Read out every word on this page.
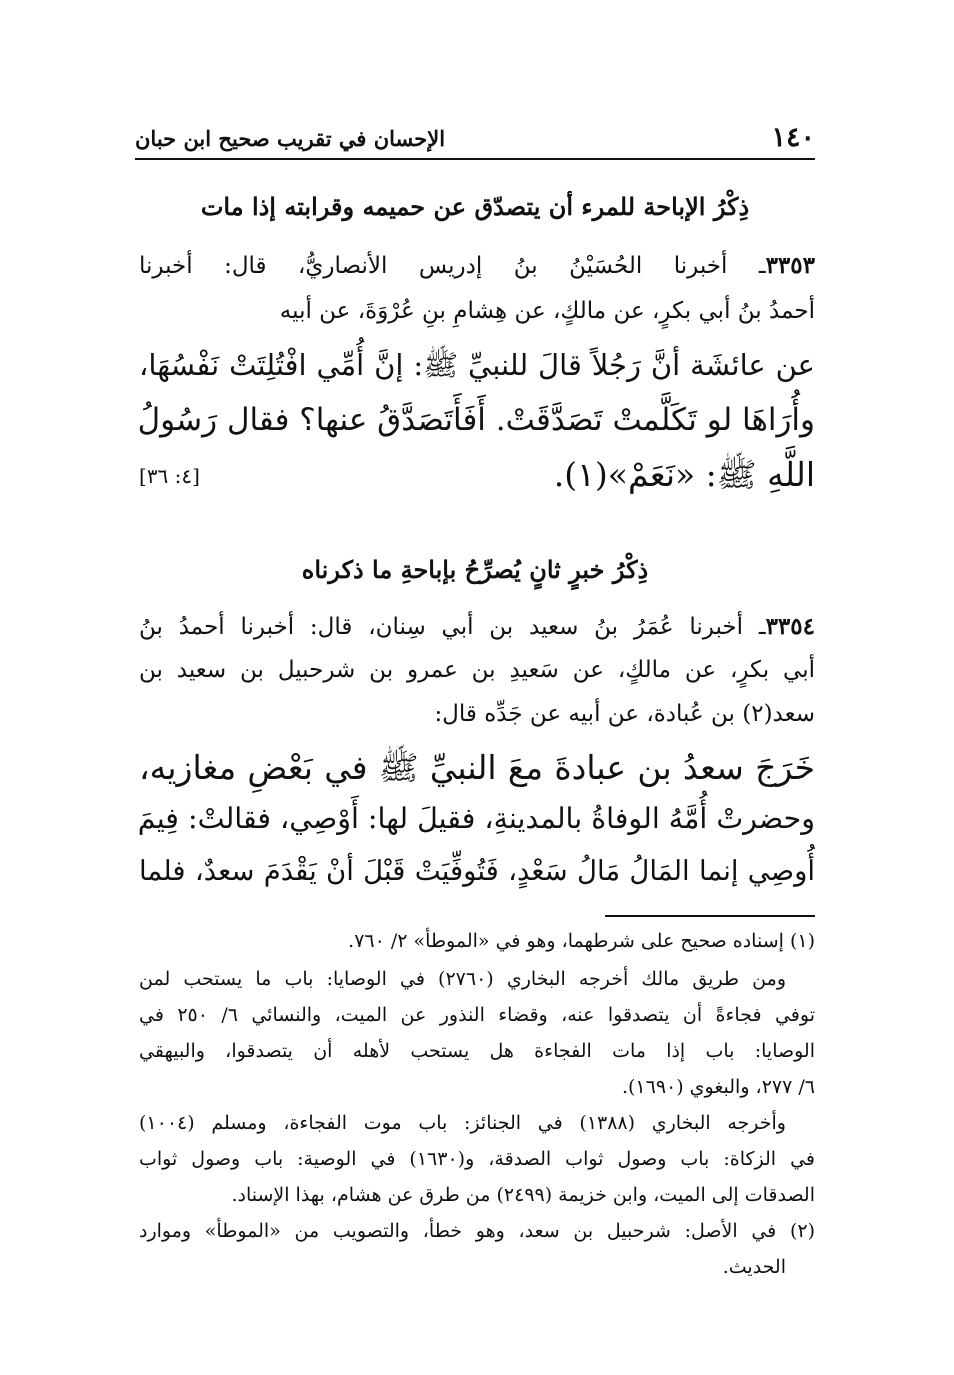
١٤٠
الإحسان في تقريب صحيح ابن حبان
ذِكْرُ الإباحة للمرء أن يتصدّق عن حميمه وقرابته إذا مات
٣٣٥٣ـ أخبرنا الحُسَيْنُ بنُ إدريس الأنصاريُّ، قال: أخبرنا
أحمدُ بنُ أبي بكرٍ، عن مالكٍ، عن هِشامِ بنِ عُرْوَةَ، عن أبيه
عن عائشَة أنَّ رَجُلاً قالَ للنبيِّ ﷺ: إنَّ أُمِّي افْتُلِتَتْ نَفْسُهَا،
وأُرَاهَا لو تَكَلَّمتْ تَصَدَّقَتْ. أَفَأَتَصَدَّقُ عنها؟ فقال رَسُولُ
اللَّهِ ﷺ: «نَعَمْ»(١).
[٤: ٣٦]
ذِكْرُ خبرٍ ثانٍ يُصرِّحُ بإباحةِ ما ذكرناه
٣٣٥٤ـ أخبرنا عُمَرُ بنُ سعيد بن أبي سِنان، قال: أخبرنا أحمدُ بنُ
أبي بكرٍ، عن مالكٍ، عن سَعيدِ بن عمرو بن شرحبيل بن سعيد بن
سعد(٢) بن عُبادة، عن أبيه عن جَدِّه قال:
خَرَجَ سعدُ بن عبادةَ معَ النبيِّ ﷺ في بَعْضِ مغازيه،
وحضرتْ أُمَّهُ الوفاةُ بالمدينةِ، فقيلَ لها: أَوْصِي، فقالتْ: فِيمَ
أُوصِي إنما المَالُ مَالُ سَعْدٍ، فَتُوفِّيَتْ قَبْلَ أنْ يَقْدَمَ سعدٌ، فلما
(١) إسناده صحيح على شرطهما، وهو في «الموطأ» ٢/ ٧٦٠.
ومن طريق مالك أخرجه البخاري (٢٧٦٠) في الوصايا: باب ما يستحب لمن
توفي فجاءةً أن يتصدقوا عنه، وقضاء النذور عن الميت، والنسائي ٦/ ٢٥٠ في
الوصايا: باب إذا مات الفجاءة هل يستحب لأهله أن يتصدقوا، والبيهقي
٦/ ٢٧٧، والبغوي (١٦٩٠).
وأخرجه البخاري (١٣٨٨) في الجنائز: باب موت الفجاءة، ومسلم (١٠٠٤)
في الزكاة: باب وصول ثواب الصدقة، و(١٦٣٠) في الوصية: باب وصول ثواب
الصدقات إلى الميت، وابن خزيمة (٢٤٩٩) من طرق عن هشام، بهذا الإسناد.
(٢) في الأصل: شرحبيل بن سعد، وهو خطأ، والتصويب من «الموطأ» وموارد
الحديث.
